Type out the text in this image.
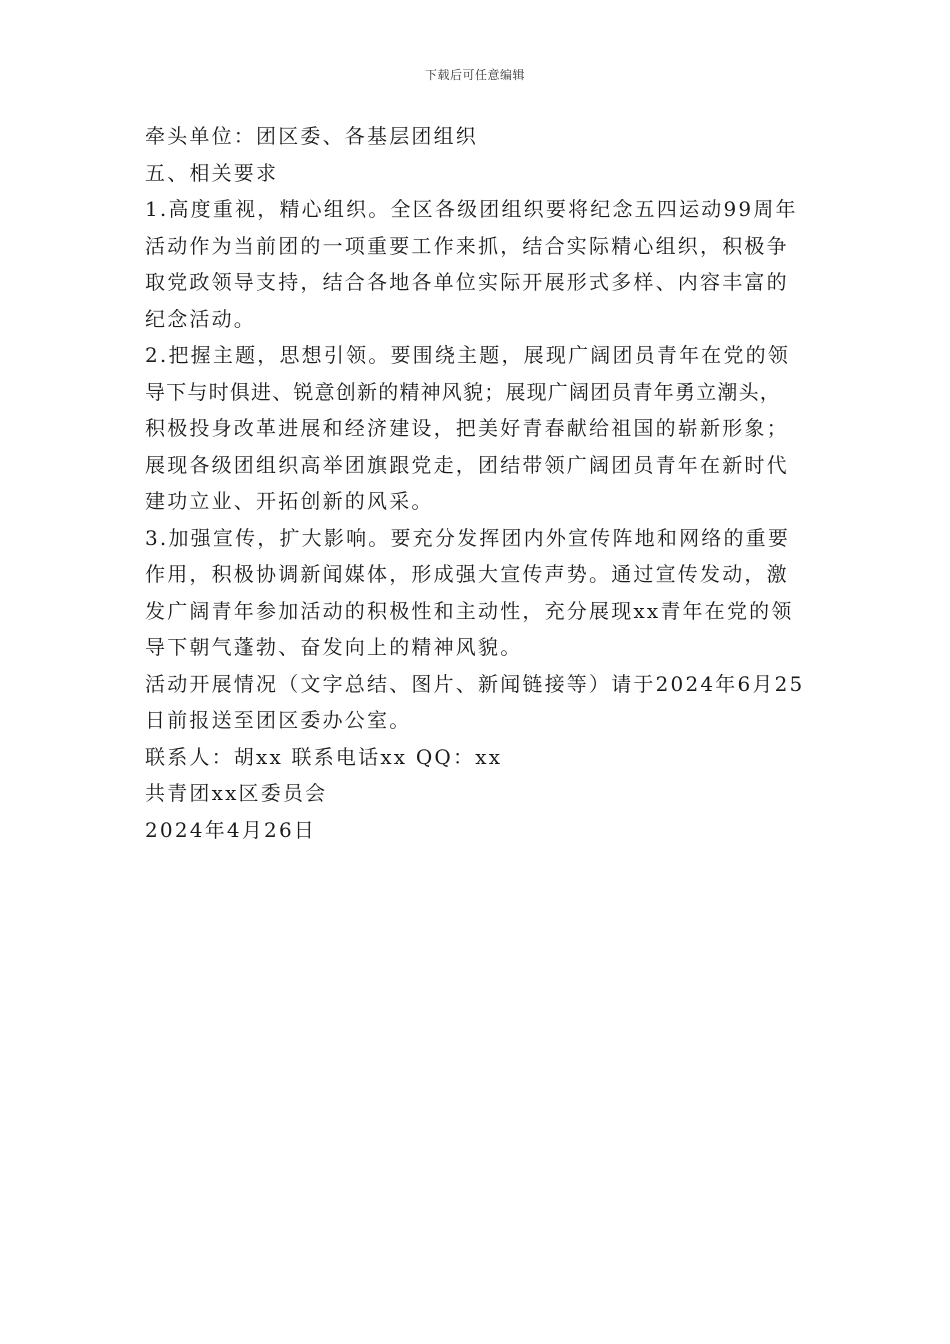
下载后可任意编辑
牵头单位：团区委、各基层团组织
五、相关要求
1.高度重视，精心组织。全区各级团组织要将纪念五四运动99周年
活动作为当前团的一项重要工作来抓，结合实际精心组织，积极争
取党政领导支持，结合各地各单位实际开展形式多样、内容丰富的
纪念活动。
2.把握主题，思想引领。要围绕主题，展现广阔团员青年在党的领
导下与时俱进、锐意创新的精神风貌；展现广阔团员青年勇立潮头，
积极投身改革进展和经济建设，把美好青春献给祖国的崭新形象；
展现各级团组织高举团旗跟党走，团结带领广阔团员青年在新时代
建功立业、开拓创新的风采。
3.加强宣传，扩大影响。要充分发挥团内外宣传阵地和网络的重要
作用，积极协调新闻媒体，形成强大宣传声势。通过宣传发动，激
发广阔青年参加活动的积极性和主动性，充分展现xx青年在党的领
导下朝气蓬勃、奋发向上的精神风貌。
活动开展情况（文字总结、图片、新闻链接等）请于2024年6月25
日前报送至团区委办公室。
联系人：胡xx 联系电话xx QQ：xx
共青团xx区委员会
2024年4月26日
